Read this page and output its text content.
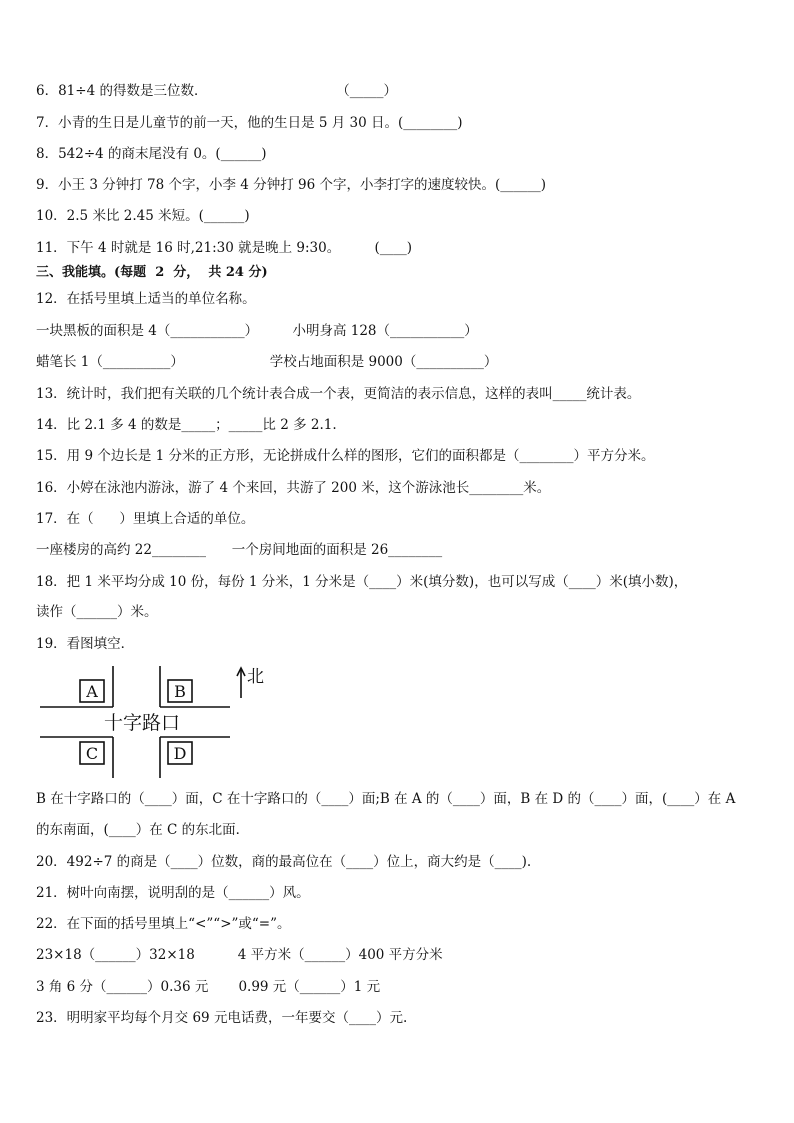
6．81÷4 的得数是三位数．                              （_____）
7．小青的生日是儿童节的前一天，他的生日是 5 月 30 日。(________)
8．542÷4 的商末尾没有 0。(______)
9．小王 3 分钟打 78 个字，小李 4 分钟打 96 个字，小李打字的速度较快。(______)
10．2.5 米比 2.45 米短。(______)
11．下午 4 时就是 16 时,21:30 就是晚上 9:30。        (____)
三、我能填。(每题  2  分，  共 24 分)
12．在括号里填上适当的单位名称。
一块黑板的面积是 4（___________）        小明身高 128（___________）
蜡笔长 1（__________）                    学校占地面积是 9000（__________）
13．统计时，我们把有关联的几个统计表合成一个表，更简洁的表示信息，这样的表叫_____统计表。
14．比 2.1 多 4 的数是_____；_____比 2 多 2.1.
15．用 9 个边长是 1 分米的正方形，无论拼成什么样的图形，它们的面积都是（________）平方分米。
16．小婷在泳池内游泳，游了 4 个来回，共游了 200 米，这个游泳池长________米。
17．在（      ）里填上合适的单位。
一座楼房的高约 22________      一个房间地面的面积是 26________
18．把 1 米平均分成 10 份，每份 1 分米，1 分米是（____）米(填分数)，也可以写成（____）米(填小数)，
读作（______）米。
19．看图填空．
A	B
C	D
十字路口
北
B 在十字路口的（____）面，C 在十字路口的（____）面;B 在 A 的（____）面，B 在 D 的（____）面，(____）在 A
的东南面，(____）在 C 的东北面．
20．492÷7 的商是（____）位数，商的最高位在（____）位上，商大约是（____).
21．树叶向南摆，说明刮的是（______）风。
22．在下面的括号里填上“<”“>”或“=”。
23×18（______）32×18          4 平方米（______）400 平方分米
3 角 6 分（______）0.36 元       0.99 元（______）1 元
23．明明家平均每个月交 69 元电话费，一年要交（____）元.
